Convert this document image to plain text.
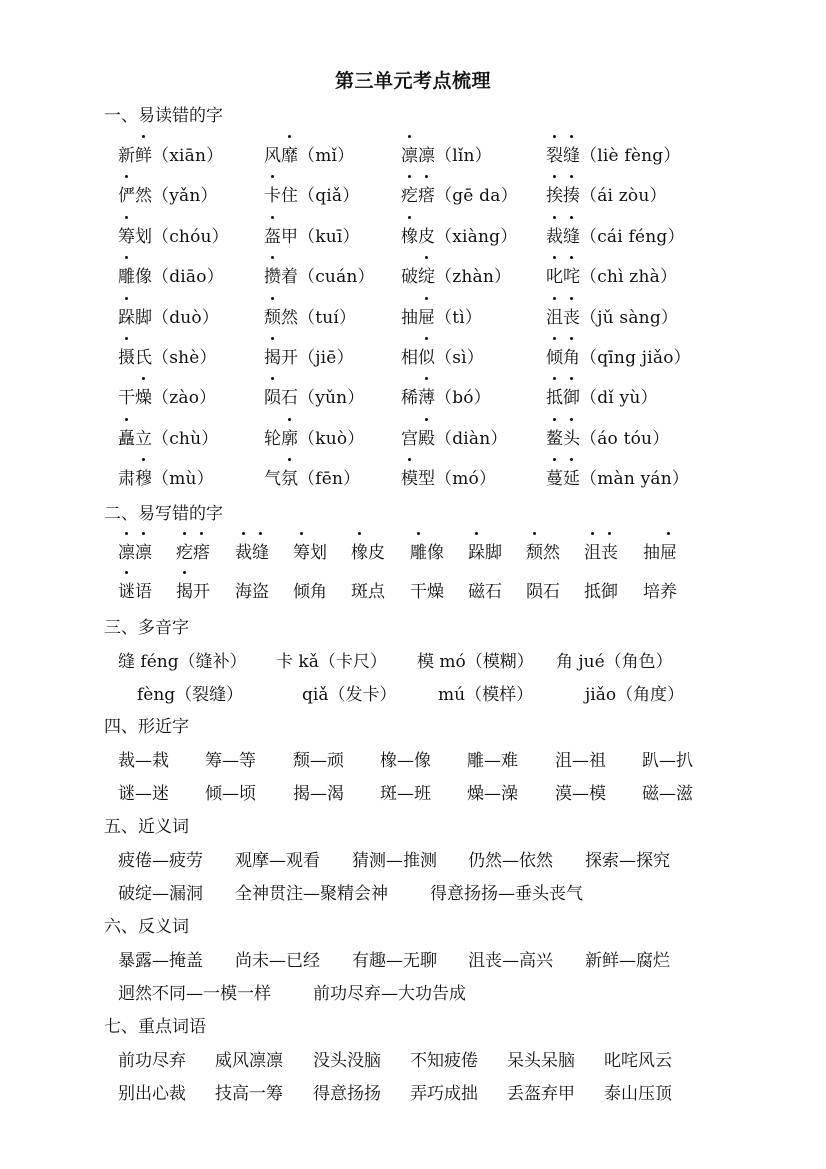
第三单元考点梳理
一、易读错的字
新鲜（xiān） 风靡（mǐ）	凛凛（lǐn）	裂缝（liè fèng）
俨然（yǎn）	卡住（qiǎ） 疙瘩（gē da） 挨揍（ái zòu）
筹划（chóu） 盔甲（kuī） 橡皮（xiàng） 裁缝（cái féng）
雕像（diāo） 攒着（cuán） 破绽（zhàn） 叱咤（chì zhà）
跺脚（duò）	颓然（tuí）	抽屉（tì）	沮丧（jǔ sàng）
摄氏（shè）	揭开（jiē）	相似（sì）	倾角（qīng jiǎo）
干燥（zào）	陨石（yǔn） 稀薄（bó）	抵御（dǐ yù）
矗立（chù）	轮廓（kuò） 宫殿（diàn） 鳌头（áo tóu）
肃穆（mù）	气氛（fēn） 模型（mó）	蔓延（màn yán）
二、易写错的字
凛凛 疙瘩 裁缝 筹划 橡皮 雕像 跺脚 颓然 沮丧 抽屉
谜语 揭开 海盗 倾角 斑点 干燥 磁石 陨石 抵御 培养
三、多音字
缝 féng（缝补） 卡 kǎ（卡尺） 模 mó（模糊） 角 jué（角色）
fèng（裂缝）	qiǎ（发卡） mú（模样）	jiǎo（角度）
四、形近字
裁—栽 筹—等 颓—顽 橡—像 雕—难 沮—祖 趴—扒
谜—迷 倾—顷 揭—渴 斑—班 燥—澡 漠—模 磁—滋
五、近义词
疲倦—疲劳 观摩—观看 猜测—推测 仍然—依然 探索—探究
破绽—漏洞 全神贯注—聚精会神 得意扬扬—垂头丧气
六、反义词
暴露—掩盖 尚未—已经 有趣—无聊 沮丧—高兴 新鲜—腐烂
迥然不同—一模一样 前功尽弃—大功告成
七、重点词语
前功尽弃 威风凛凛 没头没脑 不知疲倦 呆头呆脑 叱咤风云
别出心裁 技高一筹 得意扬扬 弄巧成拙 丢盔弃甲 泰山压顶
